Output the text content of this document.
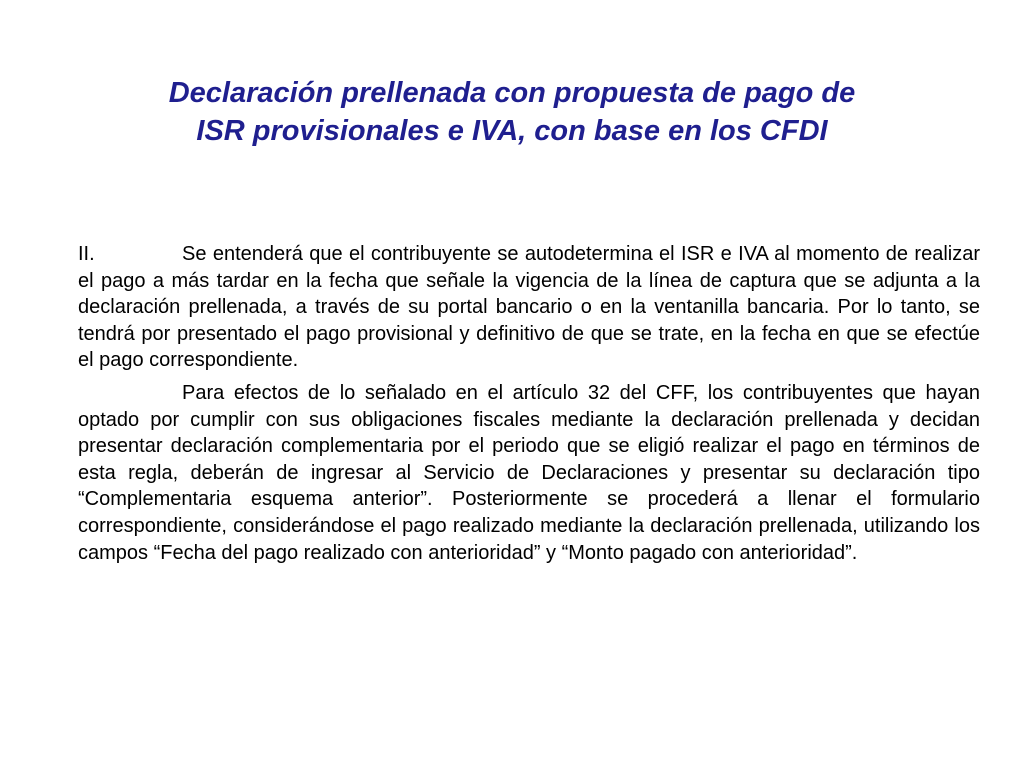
Declaración prellenada con propuesta de pago de
ISR provisionales e IVA, con base en los CFDI

II.	Se entenderá que el contribuyente se autodetermina el ISR e IVA al momento de realizar el pago a más tardar en la fecha que señale la vigencia de la línea de captura que se adjunta a la declaración prellenada, a través de su portal bancario o en la ventanilla bancaria. Por lo tanto, se tendrá por presentado el pago provisional y definitivo de que se trate, en la fecha en que se efectúe el pago correspondiente.

Para efectos de lo señalado en el artículo 32 del CFF, los contribuyentes que hayan optado por cumplir con sus obligaciones fiscales mediante la declaración prellenada y decidan presentar declaración complementaria por el periodo que se eligió realizar el pago en términos de esta regla, deberán de ingresar al Servicio de Declaraciones y presentar su declaración tipo “Complementaria esquema anterior”. Posteriormente se procederá a llenar el formulario correspondiente, considerándose el pago realizado mediante la declaración prellenada, utilizando los campos “Fecha del pago realizado con anterioridad” y “Monto pagado con anterioridad”.
